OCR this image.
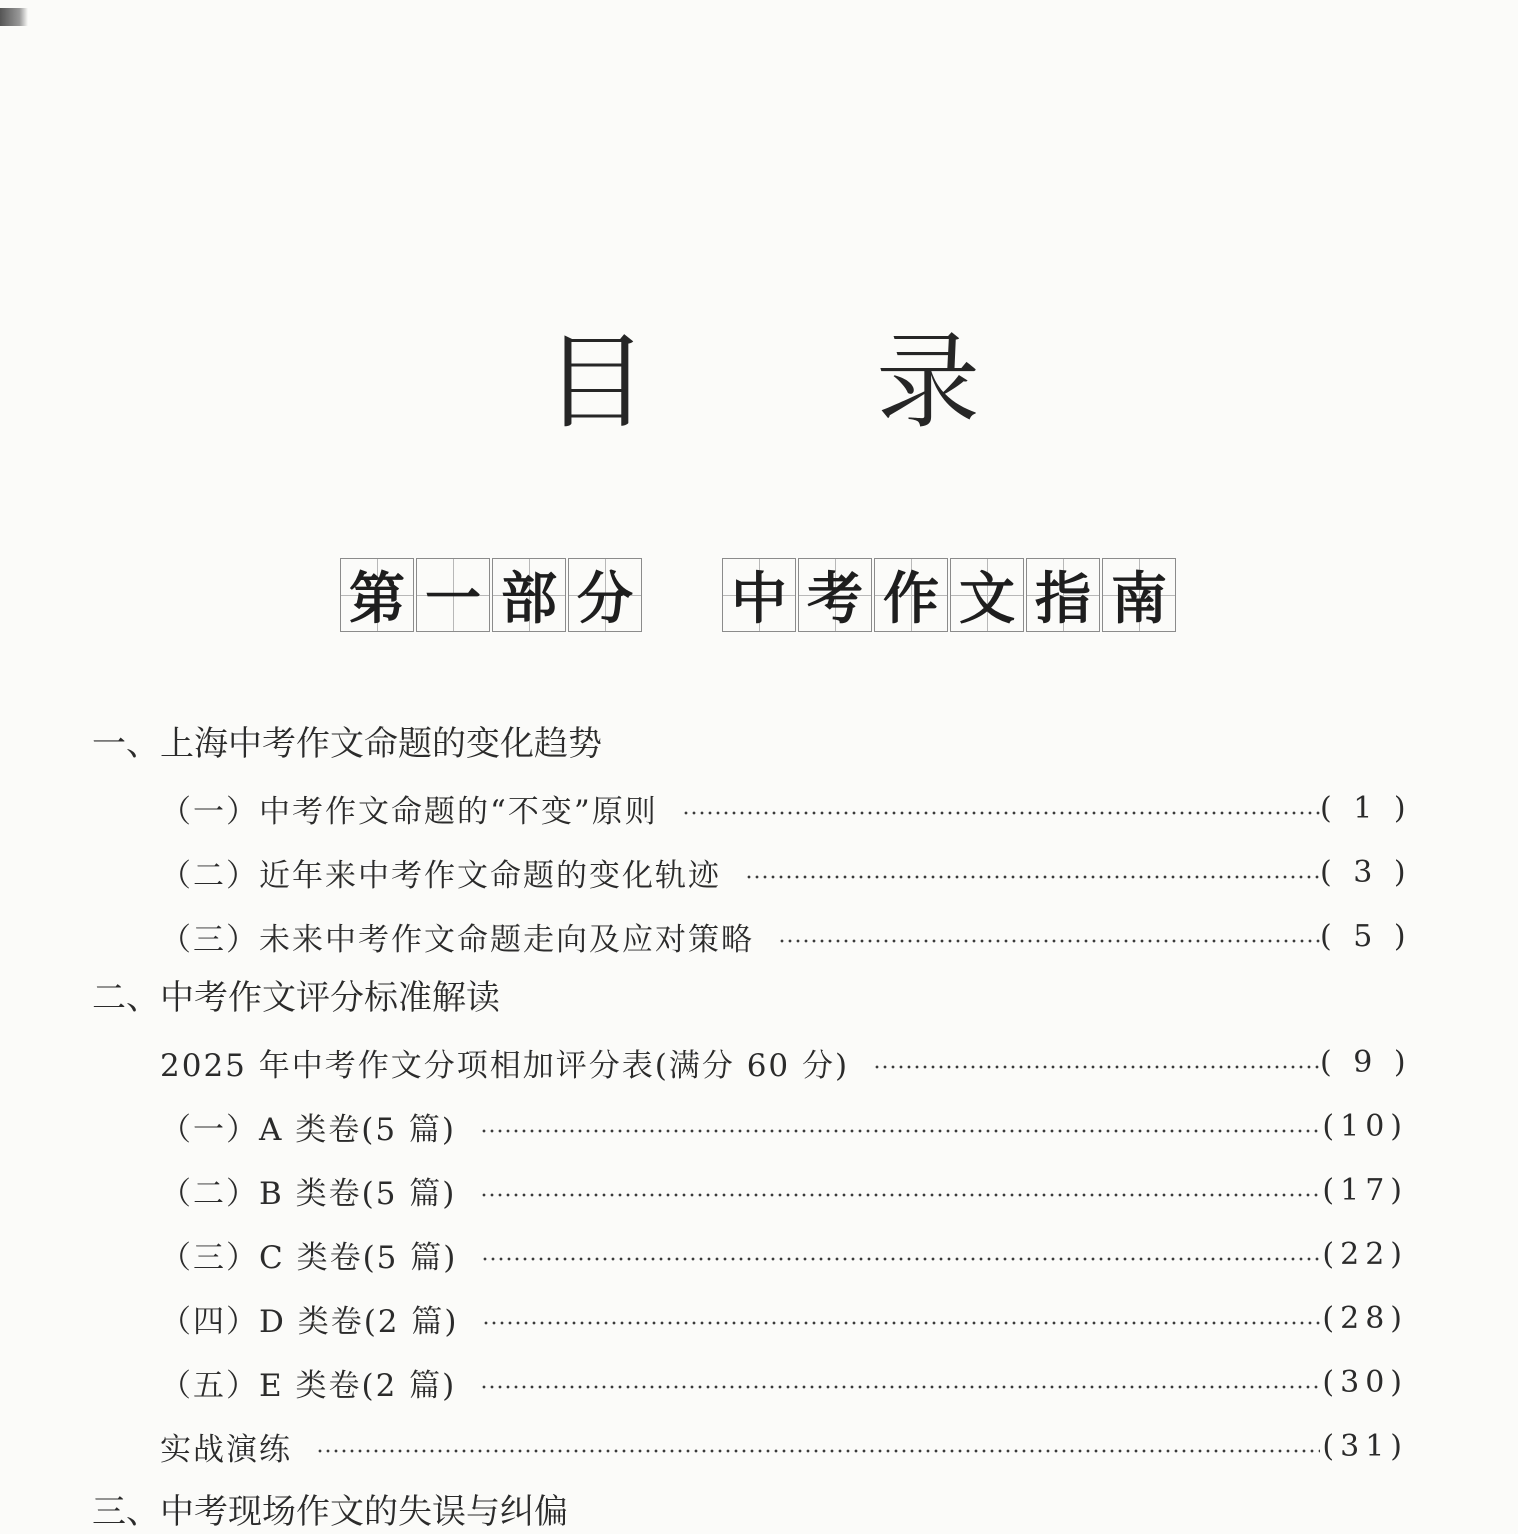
目 录
第 一 部 分 中 考 作 文 指 南
一、上海中考作文命题的变化趋势
（一）中考作文命题的“不变”原则	( 1 )
（二）近年来中考作文命题的变化轨迹	( 3 )
（三）未来中考作文命题走向及应对策略	( 5 )
二、中考作文评分标准解读
2025 年中考作文分项相加评分表(满分 60 分)	( 9 )
（一）A 类卷(5 篇)	(10)
（二）B 类卷(5 篇)	(17)
（三）C 类卷(5 篇)	(22)
（四）D 类卷(2 篇)	(28)
（五）E 类卷(2 篇)	(30)
实战演练	(31)
三、中考现场作文的失误与纠偏
